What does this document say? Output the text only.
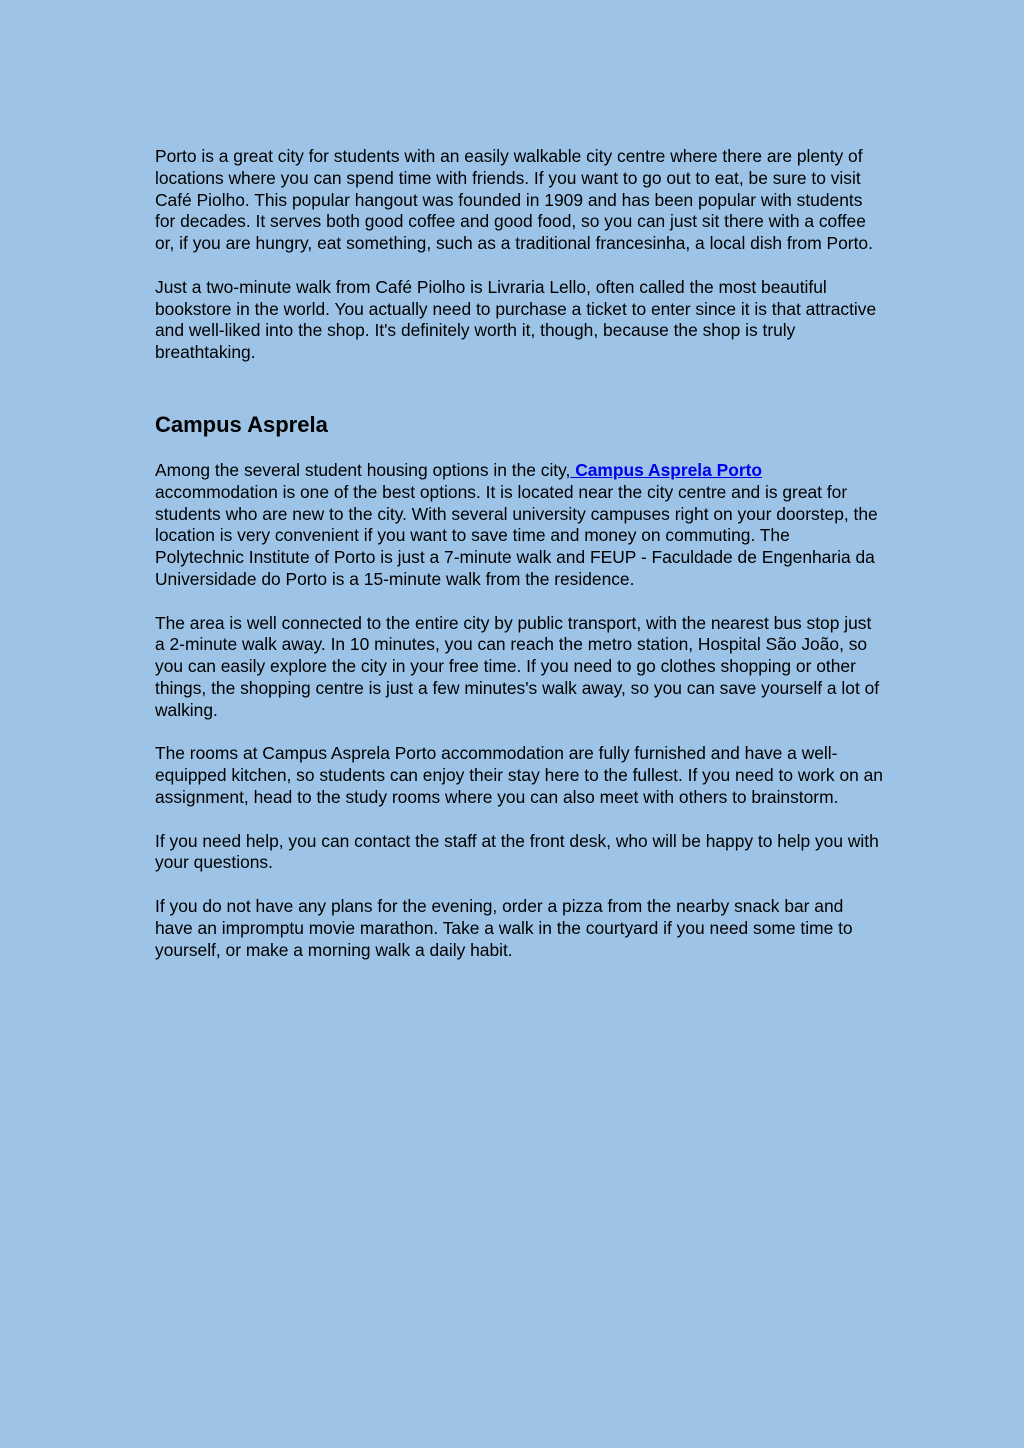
Porto is a great city for students with an easily walkable city centre where there are plenty of locations where you can spend time with friends. If you want to go out to eat, be sure to visit Café Piolho. This popular hangout was founded in 1909 and has been popular with students for decades. It serves both good coffee and good food, so you can just sit there with a coffee or, if you are hungry, eat something, such as a traditional francesinha, a local dish from Porto.

Just a two-minute walk from Café Piolho is Livraria Lello, often called the most beautiful bookstore in the world. You actually need to purchase a ticket to enter since it is that attractive and well-liked into the shop. It's definitely worth it, though, because the shop is truly breathtaking.

Campus Asprela

Among the several student housing options in the city, Campus Asprela Porto accommodation is one of the best options. It is located near the city centre and is great for students who are new to the city. With several university campuses right on your doorstep, the location is very convenient if you want to save time and money on commuting. The Polytechnic Institute of Porto is just a 7-minute walk and FEUP - Faculdade de Engenharia da Universidade do Porto is a 15-minute walk from the residence.

The area is well connected to the entire city by public transport, with the nearest bus stop just a 2-minute walk away. In 10 minutes, you can reach the metro station, Hospital São João, so you can easily explore the city in your free time. If you need to go clothes shopping or other things, the shopping centre is just a few minutes's walk away, so you can save yourself a lot of walking.

The rooms at Campus Asprela Porto accommodation are fully furnished and have a well- equipped kitchen, so students can enjoy their stay here to the fullest. If you need to work on an assignment, head to the study rooms where you can also meet with others to brainstorm.

If you need help, you can contact the staff at the front desk, who will be happy to help you with your questions.

If you do not have any plans for the evening, order a pizza from the nearby snack bar and have an impromptu movie marathon. Take a walk in the courtyard if you need some time to yourself, or make a morning walk a daily habit.
